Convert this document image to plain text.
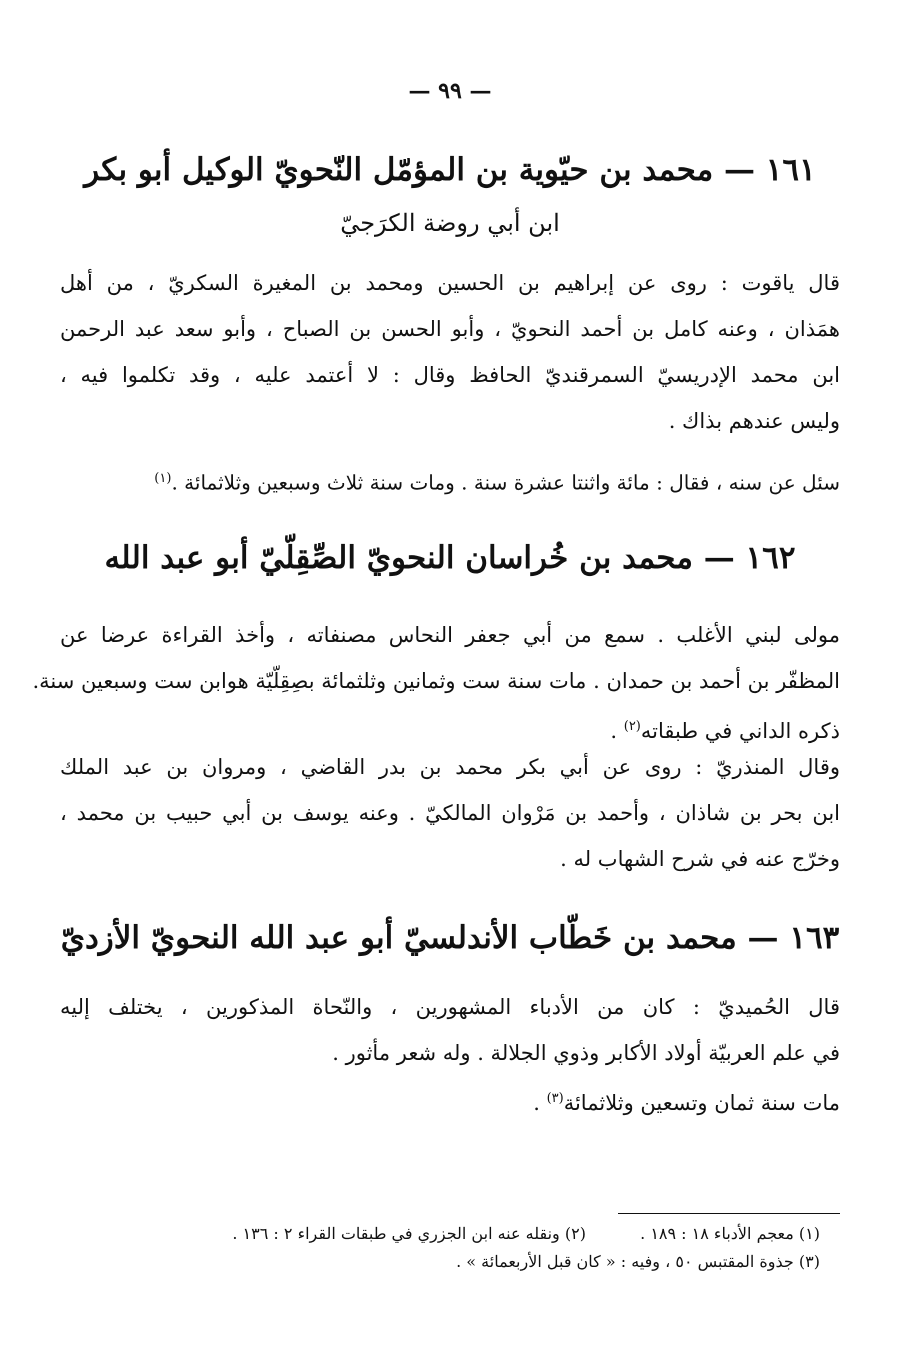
— ٩٩ —
١٦١ — محمد بن حيّوية بن المؤمّل النّحويّ الوكيل أبو بكر
ابن أبي روضة الكرَجيّ
قال ياقوت : روى عن إبراهيم بن الحسين ومحمد بن المغيرة السكريّ ، من أهل
همَذان ، وعنه كامل بن أحمد النحويّ ، وأبو الحسن بن الصباح ، وأبو سعد عبد الرحمن
ابن محمد الإدريسيّ السمرقنديّ الحافظ وقال : لا أعتمد عليه ، وقد تكلموا فيه ،
وليس عندهم بذاك .
سئل عن سنه ، فقال : مائة واثنتا عشرة سنة . ومات سنة ثلاث وسبعين وثلاثمائة .$^{(١)}$
١٦٢ — محمد بن خُراسان النحويّ الصِّقِلّيّ أبو عبد الله
مولى لبني الأغلب . سمع من أبي جعفر النحاس مصنفاته ، وأخذ القراءة عرضا عن
المظفّر بن أحمد بن حمدان . مات سنة ست وثمانين وثلثمائة بصِقِلّيّة هوابن ست وسبعين سنة.
ذكره الداني في طبقاته$^{(٢)}$ .
وقال المنذريّ : روى عن أبي بكر محمد بن بدر القاضي ، ومروان بن عبد الملك
ابن بحر بن شاذان ، وأحمد بن مَرْوان المالكيّ . وعنه يوسف بن أبي حبيب بن محمد ،
وخرّج عنه في شرح الشهاب له .
١٦٣ — محمد بن خَطّاب الأندلسيّ أبو عبد الله النحويّ الأزديّ
قال الحُميديّ : كان من الأدباء المشهورين ، والنّحاة المذكورين ، يختلف إليه
في علم العربيّة أولاد الأكابر وذوي الجلالة . وله شعر مأثور .
مات سنة ثمان وتسعين وثلاثمائة$^{(٣)}$ .
(١) معجم الأدباء ١٨ : ١٨٩ .  (٢) ونقله عنه ابن الجزري في طبقات القراء ٢ : ١٣٦ .
(٣) جذوة المقتبس ٥٠ ، وفيه : « كان قبل الأربعمائة » .
